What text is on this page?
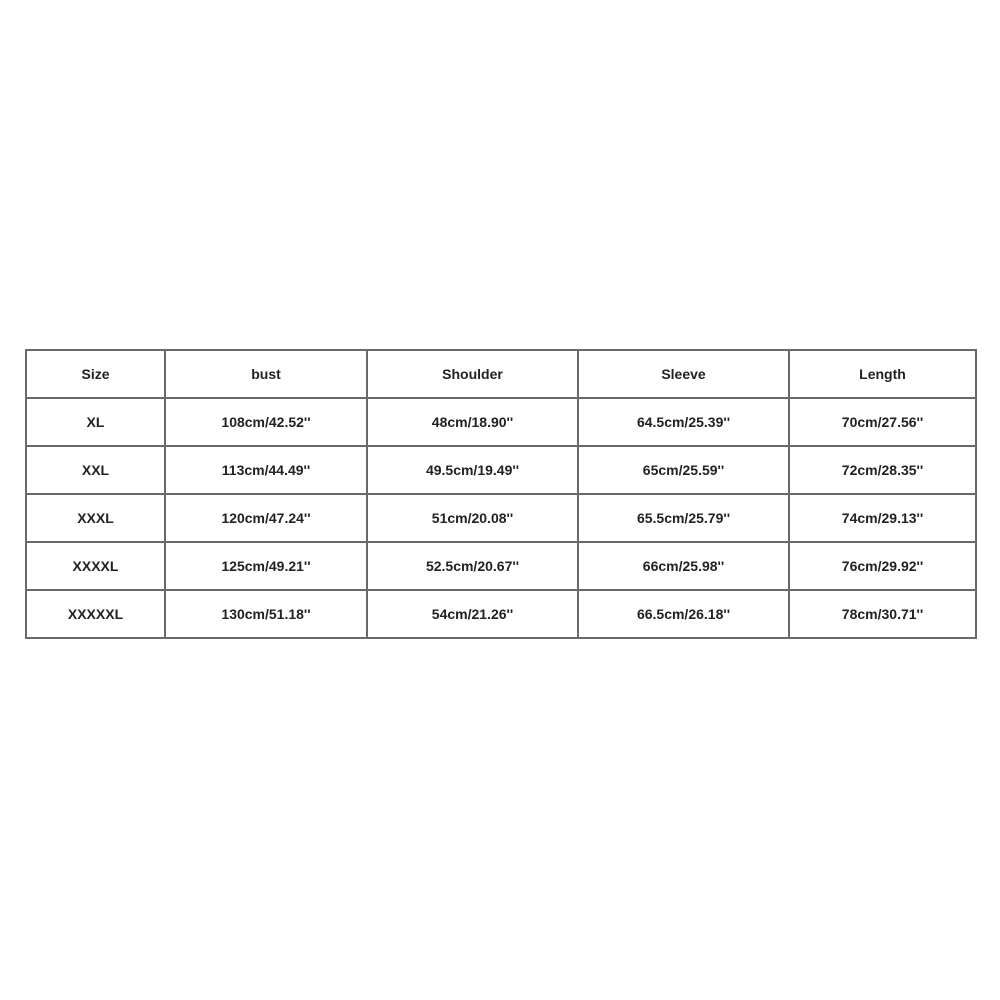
Size	bust	Shoulder	Sleeve	Length
XL	108cm/42.52''	48cm/18.90''	64.5cm/25.39''	70cm/27.56''
XXL	113cm/44.49''	49.5cm/19.49''	65cm/25.59''	72cm/28.35''
XXXL	120cm/47.24''	51cm/20.08''	65.5cm/25.79''	74cm/29.13''
XXXXL	125cm/49.21''	52.5cm/20.67''	66cm/25.98''	76cm/29.92''
XXXXXL	130cm/51.18''	54cm/21.26''	66.5cm/26.18''	78cm/30.71''
